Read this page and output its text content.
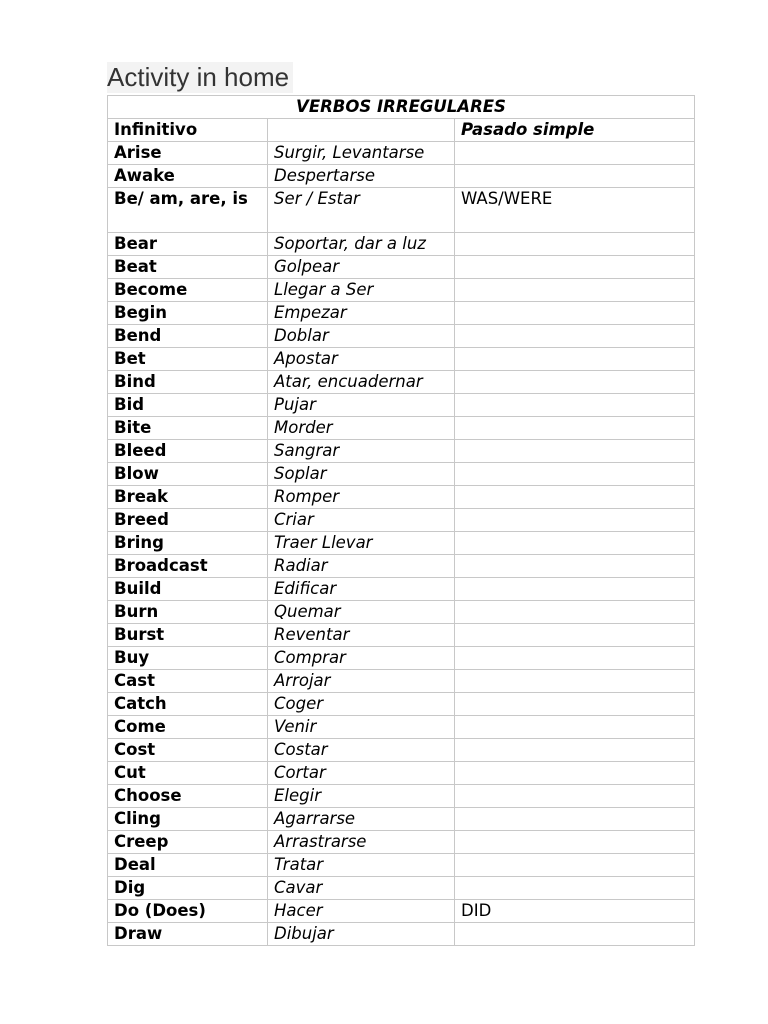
Activity in home
VERBOS IRREGULARES		
Infinitivo		Pasado simple
Arise	Surgir, Levantarse	
Awake	Despertarse	
Be/ am, are, is	Ser / Estar	WAS/WERE
Bear	Soportar, dar a luz	
Beat	Golpear	
Become	Llegar a Ser	
Begin	Empezar	
Bend	Doblar	
Bet	Apostar	
Bind	Atar, encuadernar	
Bid	Pujar	
Bite	Morder	
Bleed	Sangrar	
Blow	Soplar	
Break	Romper	
Breed	Criar	
Bring	Traer Llevar	
Broadcast	Radiar	
Build	Edificar	
Burn	Quemar	
Burst	Reventar	
Buy	Comprar	
Cast	Arrojar	
Catch	Coger	
Come	Venir	
Cost	Costar	
Cut	Cortar	
Choose	Elegir	
Cling	Agarrarse	
Creep	Arrastrarse	
Deal	Tratar	
Dig	Cavar	
Do (Does)	Hacer	DID
Draw	Dibujar	
